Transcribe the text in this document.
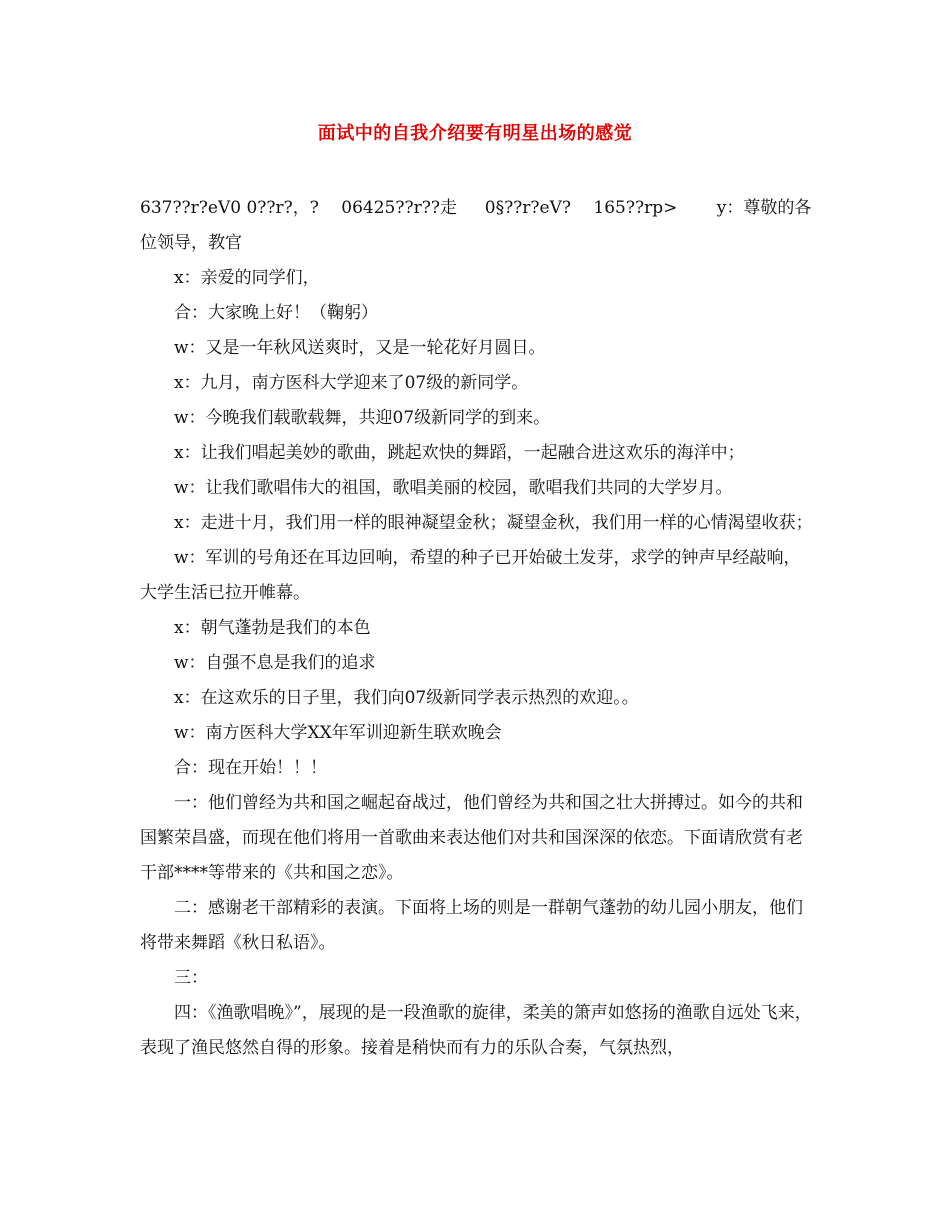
面试中的自我介绍要有明星出场的感觉

637??r?eV0 0??r?，?　 06425??r??走 　 0§??r?eV? 　165??rp> 　　y：尊敬的各位领导，教官

x：亲爱的同学们，

合：大家晚上好！（鞠躬）

w：又是一年秋风送爽时，又是一轮花好月圆日。

x：九月，南方医科大学迎来了07级的新同学。

w：今晚我们载歌载舞，共迎07级新同学的到来。

x：让我们唱起美妙的歌曲，跳起欢快的舞蹈，一起融合进这欢乐的海洋中；

w：让我们歌唱伟大的祖国，歌唱美丽的校园，歌唱我们共同的大学岁月。

x：走进十月，我们用一样的眼神凝望金秋；凝望金秋，我们用一样的心情渴望收获；

w：军训的号角还在耳边回响，希望的种子已开始破土发芽，求学的钟声早经敲响，大学生活已拉开帷幕。

x：朝气蓬勃是我们的本色

w：自强不息是我们的追求

x：在这欢乐的日子里，我们向07级新同学表示热烈的欢迎。。

w：南方医科大学XX年军训迎新生联欢晚会

合：现在开始！！！

一：他们曾经为共和国之崛起奋战过，他们曾经为共和国之壮大拼搏过。如今的共和国繁荣昌盛，而现在他们将用一首歌曲来表达他们对共和国深深的依恋。下面请欣赏有老干部****等带来的《共和国之恋》。

二：感谢老干部精彩的表演。下面将上场的则是一群朝气蓬勃的幼儿园小朋友，他们将带来舞蹈《秋日私语》。

三：

四：《渔歌唱晚》”，展现的是一段渔歌的旋律，柔美的箫声如悠扬的渔歌自远处飞来，表现了渔民悠然自得的形象。接着是稍快而有力的乐队合奏，气氛热烈，
